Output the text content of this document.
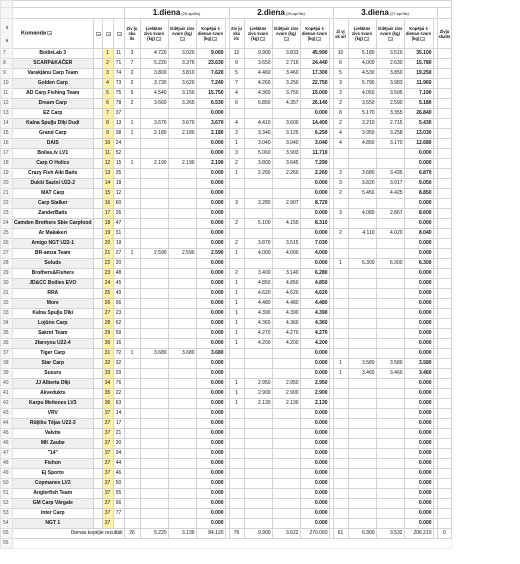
					1.diena (25.aprīlis)					2.diena (26.aprīlis)					3.diena (27.aprīlis)					

5
6	Komanda				Ziv ju ska its	Lielākās zivs svars (kg)	Vidējais zivs svars (kg)	Kopējai s dienas svars (kg)		Ziv ju ska its	Lielākās zivs svars (kg)	Vidējais zivs svars (kg)	Kopējai s dienas svars (kg)		Zi vj sk ait	Lielākās zivs svars (kg)	Vidējais zivs svars (kg)	Kopējai s dienas svars (kg)		Zivju skaits
7	BoilieLab 3		1	11	3	4.720	3.020	9.060		12	9.900	3.833	45.990		10	5.180	3.510	35.100		
8	SCARP&KAČER		2	71	7	5.220	3.376	23.630		9	3.650	2.716	24.440		6	4.000	2.630	15.780		
9	Varakļānu Carp Team		3	74	2	3.800	3.810	7.620		5	4.460	3.460	17.300		5	4.530	3.850	19.250		
10	Golden Carp		4	73	2	3.730	3.620	7.240		7	4.260	3.250	22.750		3	5.790	3.983	11.960		
11	AD Carp Fishing Team		5	75	5	4.540	3.150	15.750		4	4.360	3.750	15.000		2	4.050	3.595	7.190		
12	Dream Carp		6	78	2	3.660	3.265	6.530		6	6.850	4.357	26.140		2	3.550	2.590	5.180		
13	EZ Carp		7	37				0.000					0.000		8	5.170	3.355	26.840		
14	Kalna Spuļļu Dīķi Dudi		8	13	1	3.670	3.670	3.670		4	4.410	3.600	14.400		2	3.210	2.715	5.430		
15	Grand Carp		9	38	1	2.180	2.180	2.180		2	3.340	3.125	6.250		4	3.950	3.258	13.030		
16	DAIS		10	24				0.000		1	3.040	3.040	3.040		4	4.850	3.170	12.680		
17	Boilas.lv LV1		11	52				0.000		3	5.060	3.903	11.710					0.000		
18	Carp O Holics		12	15	1	2.190	2.190	2.190		2	3.800	3.645	7.290					0.000		
19	Crazy Fish Aiki Baits		13	35				0.000		1	2.260	2.260	2.260		2	3.680	3.435	6.870		
20	Dukši Sazini U22-2		14	18				0.000					0.000		3	3.820	3.017	9.050		
21	MAT Carp		15	12				0.000					0.000		2	5.450	4.425	8.850		
22	Carp Stalker		16	60				0.000		3	3.280	2.907	8.720					0.000		
23	ZanderBaits		17	26				0.000					0.000		3	4.080	2.867	8.600		
24	Camden Brothers Sbie Carpfood		18	47				0.000		2	5.100	4.155	8.310					0.000		
25	Ar Makakeri		19	31				0.000					0.000		2	4.110	4.020	8.040		
26	Amigo NGT U22-1		20	19				0.000		2	3.870	3.515	7.030					0.000		
27	BR-amza Team		21	27	1	2.590	2.590	2.590		1	4.000	4.000	4.000					0.000		
28	Soluds		22	20				0.000					0.000		1	6.300	6.300	6.300		
29	Brothers&Fishers		23	48				0.000		2	3.400	3.140	6.280					0.000		
30	JD&CC Boilies EVO		24	45				0.000		1	4.850	4.850	4.850					0.000		
31	RRA		25	49				0.000		1	4.620	4.620	4.620					0.000		
32	More		26	56				0.000		1	4.480	4.480	4.480					0.000		
33	Kalna Spuļļu Dīķi		27	23				0.000		1	4.390	4.390	4.390					0.000		
34	Lojūno Carp		28	62				0.000		1	4.360	4.360	4.360					0.000		
35	Sakret Team		29	59				0.000		1	4.270	4.270	4.270					0.000		
36	2farsyou U22-4		30	16				0.000		1	4.200	4.200	4.200					0.000		
37	Tiger Carp		31	72	1	3.680	3.680	3.680					0.000					0.000		
38	Star Carp		32	32				0.000					0.000		1	3.580	3.580	3.580		
39	Susurs		33	29				0.000					0.000		1	3.460	3.460	3.460		
40	JJ Alberta Dīķi		34	76				0.000		1	2.950	2.950	2.950					0.000		
41	Akvedukts		35	22				0.000		1	2.900	2.900	2.900					0.000		
42	Karpu Meitenes LV3		36	63				0.000		1	2.130	2.130	2.130					0.000		
43	VRV		37	14				0.000					0.000					0.000		
44	Rūķīšu Tējas U22-3		37	17				0.000					0.000					0.000		
45	Valvite		37	21				0.000					0.000					0.000		
46	MK Zaube		37	30				0.000					0.000					0.000		
47	"14"		37	34				0.000					0.000					0.000		
48	Fishon		37	44				0.000					0.000					0.000		
49	Ej Sporto		37	46				0.000					0.000					0.000		
50	Copmanes LV2		37	50				0.000					0.000					0.000		
51	Anglerfish Team		37	55				0.000					0.000					0.000		
52	GM Carp Vārgale		37	66				0.000					0.000					0.000		
53	Inter Carp		37	77				0.000					0.000					0.000		
54	NGT 1		37					0.000					0.000					0.000		
55	Dienas kopējie rezultāti				26	5.220	3.139	84.120		76	9.900	3.622	270.060		61	6.300	3.532	206.210		0
56																				
